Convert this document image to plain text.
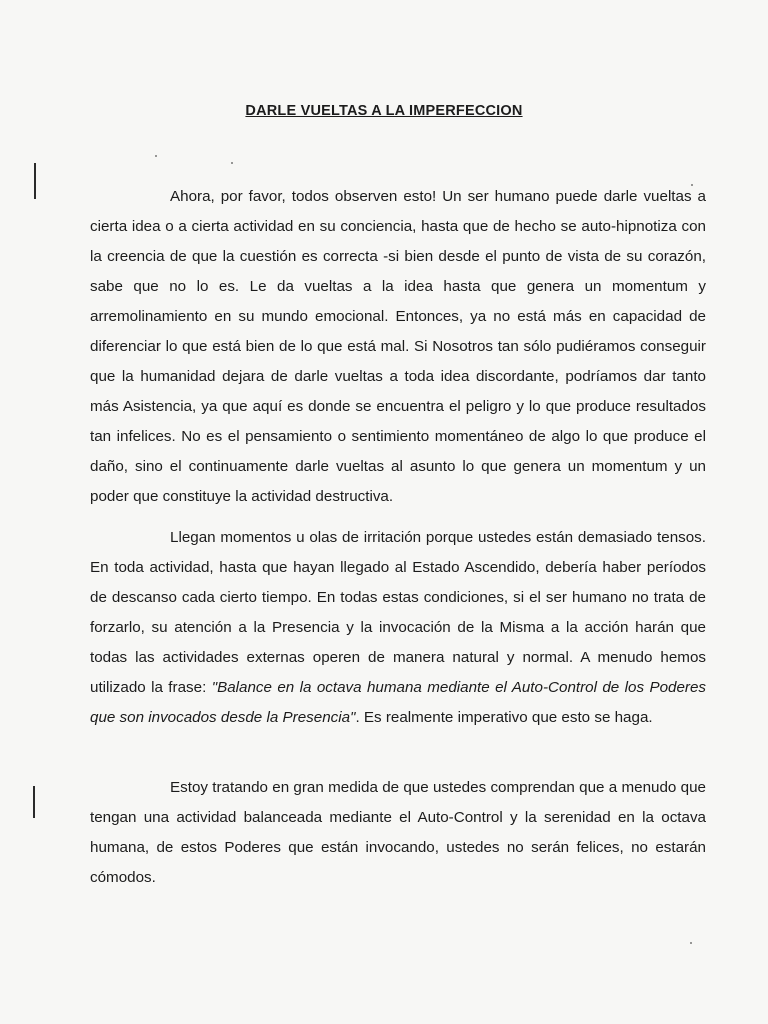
DARLE VUELTAS A LA IMPERFECCION

Ahora, por favor, todos observen esto! Un ser humano puede darle vueltas a cierta idea o a cierta actividad en su conciencia, hasta que de hecho se auto-hipnotiza con la creencia de que la cuestión es correcta -si bien desde el punto de vista de su corazón, sabe que no lo es. Le da vueltas a la idea hasta que genera un momentum y arremolinamiento en su mundo emocional. Entonces, ya no está más en capacidad de diferenciar lo que está bien de lo que está mal. Si Nosotros tan sólo pudiéramos conseguir que la humanidad dejara de darle vueltas a toda idea discordante, podríamos dar tanto más Asistencia, ya que aquí es donde se encuentra el peligro y lo que produce resultados tan infelices. No es el pensamiento o sentimiento momentáneo de algo lo que produce el daño, sino el continuamente darle vueltas al asunto lo que genera un momentum y un poder que constituye la actividad destructiva.

Llegan momentos u olas de irritación porque ustedes están demasiado tensos. En toda actividad, hasta que hayan llegado al Estado Ascendido, debería haber períodos de descanso cada cierto tiempo. En todas estas condiciones, si el ser humano no trata de forzarlo, su atención a la Presencia y la invocación de la Misma a la acción harán que todas las actividades externas operen de manera natural y normal. A menudo hemos utilizado la frase: "Balance en la octava humana mediante el Auto-Control de los Poderes que son invocados desde la Presencia". Es realmente imperativo que esto se haga.

Estoy tratando en gran medida de que ustedes comprendan que a menudo que tengan una actividad balanceada mediante el Auto-Control y la serenidad en la octava humana, de estos Poderes que están invocando, ustedes no serán felices, no estarán cómodos.
